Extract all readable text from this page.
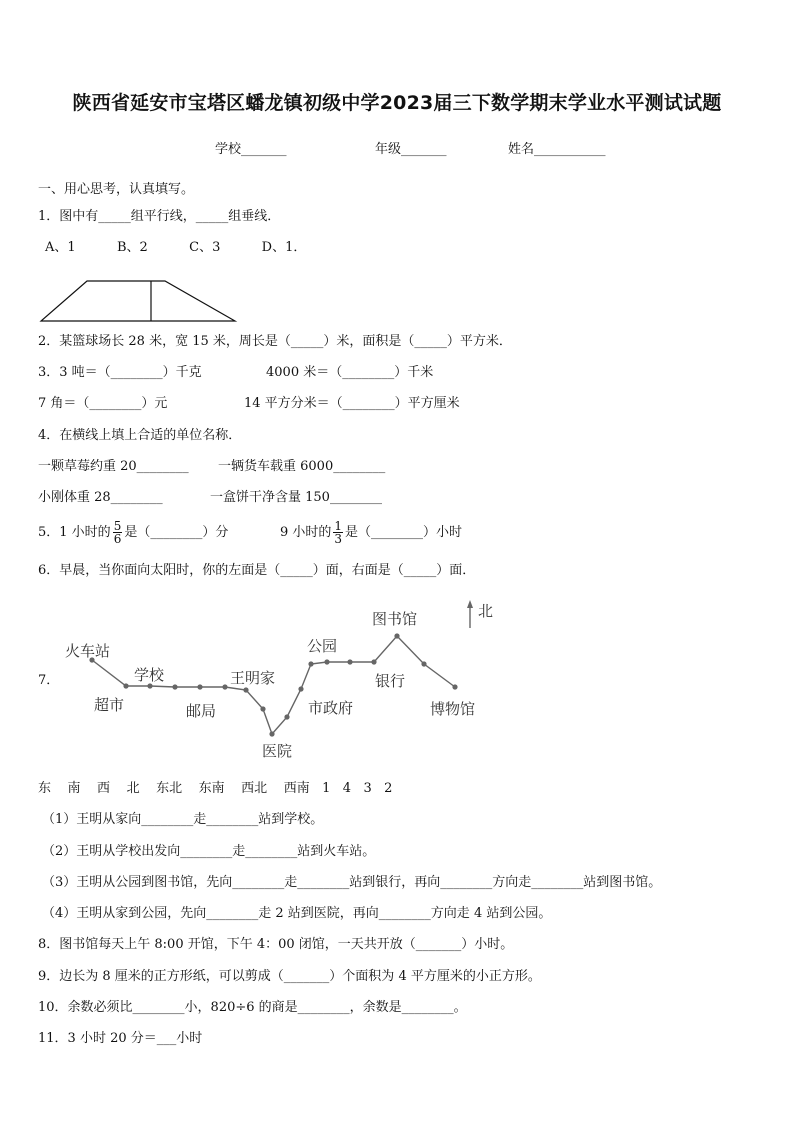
陕西省延安市宝塔区蟠龙镇初级中学2023届三下数学期末学业水平测试试题
学校_______	年级_______	姓名___________
一、用心思考，认真填写。
1．图中有_____组平行线，_____组垂线．
A、1          B、2          C、3          D、1．
2．某篮球场长 28 米，宽 15 米，周长是（_____）米，面积是（_____）平方米．
3．3 吨＝（________）千克	4000 米＝（________）千米
7 角＝（________）元	14 平方分米＝（________）平方厘米
4．在横线上填上合适的单位名称．
一颗草莓约重 20________ 一辆货车载重 6000________
小刚体重 28________	一盒饼干净含量 150________
5．1 小时的 $\frac{5}{6}$ 是（________）分	9 小时的 $\frac{1}{3}$ 是（________）小时
6．早晨，当你面向太阳时，你的左面是（_____）面，右面是（_____）面．
7．
火车站
超市
学校
邮局
王明家
医院
公园
市政府
银行
图书馆
博物馆
北
东    南    西    北    东北    东南    西北    西南   1   4   3   2
（1）王明从家向________走________站到学校。
（2）王明从学校出发向________走________站到火车站。
（3）王明从公园到图书馆，先向________走________站到银行，再向________方向走________站到图书馆。
（4）王明从家到公园，先向________走 2 站到医院，再向________方向走 4 站到公园。
8．图书馆每天上午 8:00 开馆，下午 4：00 闭馆，一天共开放（_______）小时。
9．边长为 8 厘米的正方形纸，可以剪成（_______）个面积为 4 平方厘米的小正方形。
10．余数必须比________小，820÷6 的商是________，余数是________。
11．3 小时 20 分＝___小时
